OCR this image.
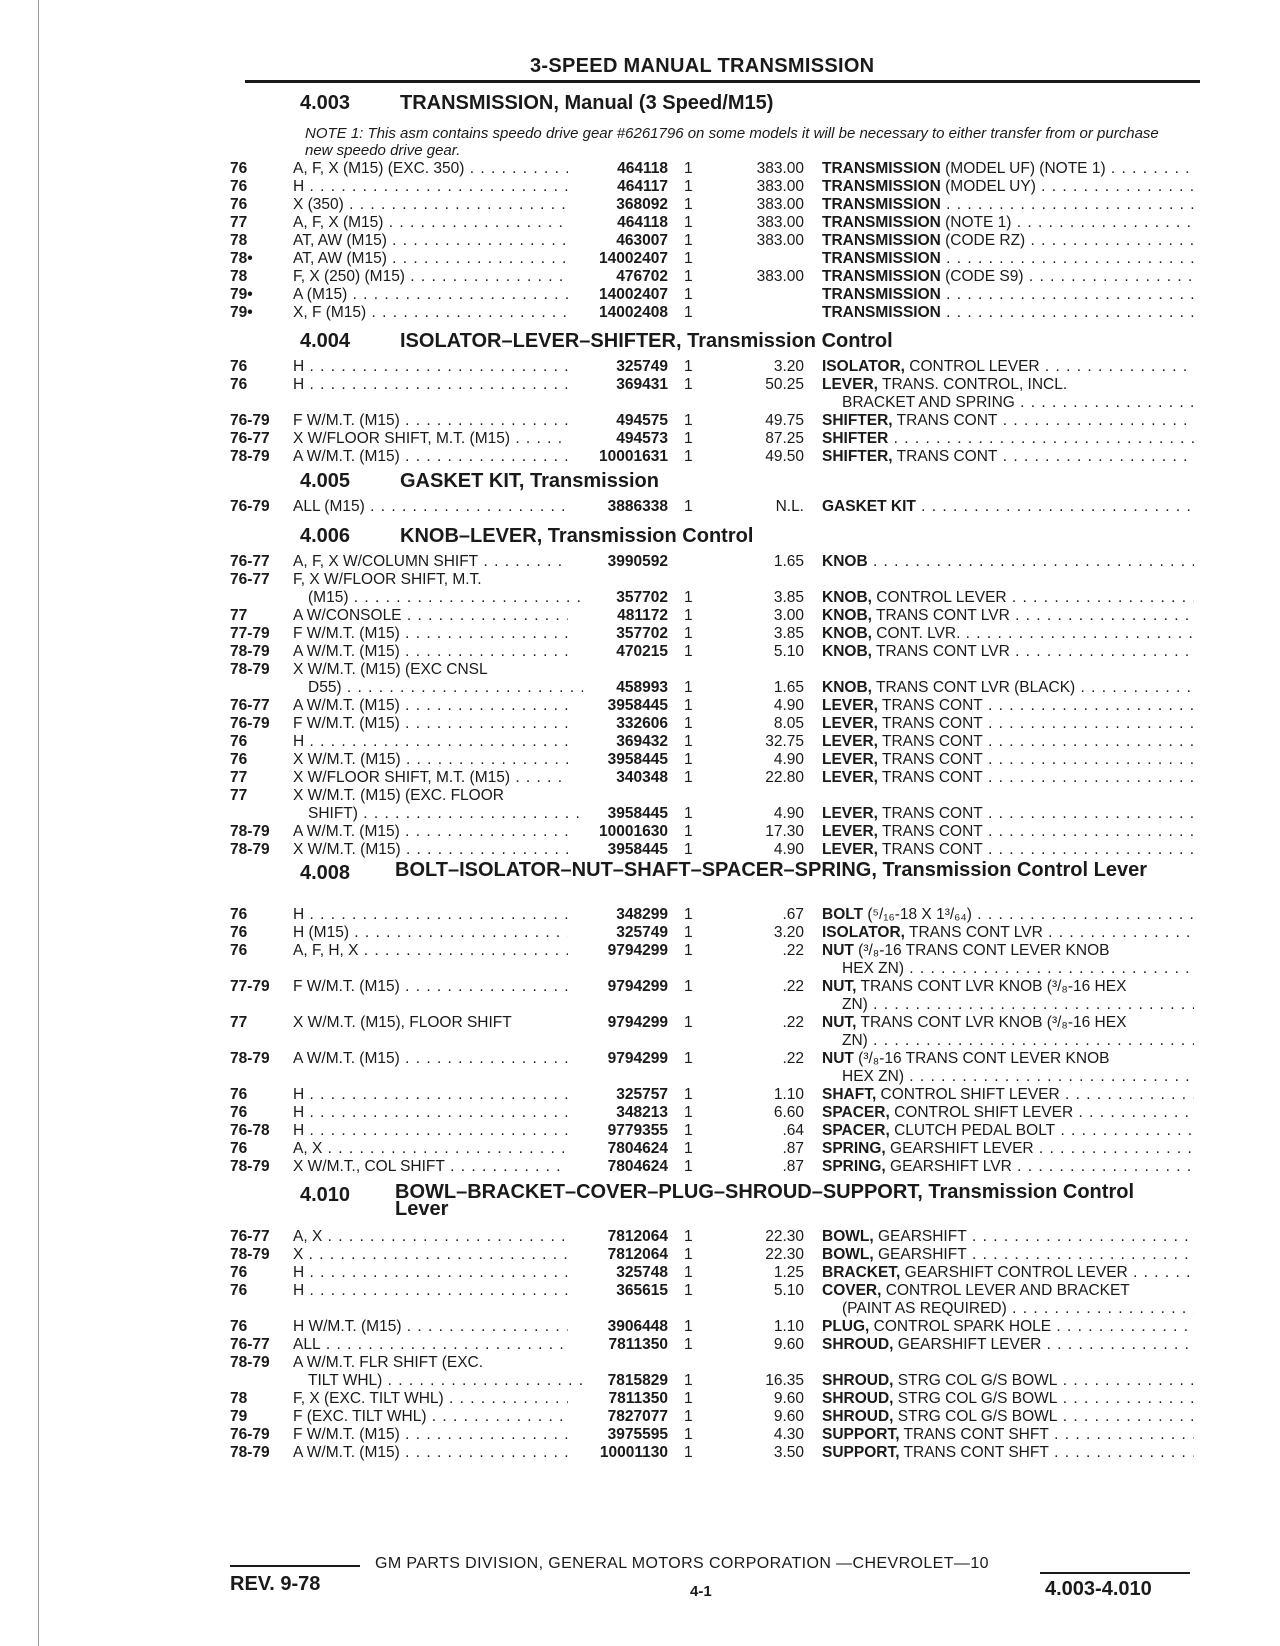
3-SPEED MANUAL TRANSMISSION
4.003 TRANSMISSION, Manual (3 Speed/M15)
NOTE 1: This asm contains speedo drive gear #6261796 on some models it will be necessary to either transfer from or purchase new speedo drive gear.
76	A, F, X (M15) (EXC. 350) . . .	464118 1	383.00 TRANSMISSION (MODEL UF) (NOTE 1) . . .
76	H . . .	464117 1	383.00 TRANSMISSION (MODEL UY) . . .
76	X (350) . . .	368092 1	383.00 TRANSMISSION . . .
77	A, F, X (M15) . . .	464118 1	383.00 TRANSMISSION (NOTE 1) . . .
78	AT, AW (M15) . . .	463007 1	383.00 TRANSMISSION (CODE RZ) . . .
78•	AT, AW (M15) . . .	14002407 1	TRANSMISSION . . .
78	F, X (250) (M15) . . .	476702 1	383.00 TRANSMISSION (CODE S9) . . .
79•	A (M15) . . .	14002407 1	TRANSMISSION . . .
79•	X, F (M15) . . .	14002408 1	TRANSMISSION . . .
4.004 ISOLATOR–LEVER–SHIFTER, Transmission Control
76	H . . .	325749 1	3.20 ISOLATOR, CONTROL LEVER . . .
76	H . . .	369431 1	50.25 LEVER, TRANS. CONTROL, INCL.
BRACKET AND SPRING . . .
76-79	F W/M.T. (M15) . . .	494575 1	49.75 SHIFTER, TRANS CONT . . .
76-77	X W/FLOOR SHIFT, M.T. (M15) . . .	494573 1	87.25 SHIFTER . . .
78-79	A W/M.T. (M15) . . .	10001631 1	49.50 SHIFTER, TRANS CONT . . .
4.005 GASKET KIT, Transmission
76-79	ALL (M15) . . .	3886338 1	N.L. GASKET KIT . . .
4.006 KNOB–LEVER, Transmission Control
76-77	A, F, X W/COLUMN SHIFT . . .	3990592	1.65 KNOB . . .
76-77	F, X W/FLOOR SHIFT, M.T.
(M15) . . .	357702 1	3.85 KNOB, CONTROL LEVER . . .
77	A W/CONSOLE . . .	481172 1	3.00 KNOB, TRANS CONT LVR . . .
77-79	F W/M.T. (M15) . . .	357702 1	3.85 KNOB, CONT. LVR. . . .
78-79	A W/M.T. (M15) . . .	470215 1	5.10 KNOB, TRANS CONT LVR . . .
78-79	X W/M.T. (M15) (EXC CNSL
D55) . . .	458993 1	1.65 KNOB, TRANS CONT LVR (BLACK) . . .
76-77	A W/M.T. (M15) . . .	3958445 1	4.90 LEVER, TRANS CONT . . .
76-79	F W/M.T. (M15) . . .	332606 1	8.05 LEVER, TRANS CONT . . .
76	H . . .	369432 1	32.75 LEVER, TRANS CONT . . .
76	X W/M.T. (M15) . . .	3958445 1	4.90 LEVER, TRANS CONT . . .
77	X W/FLOOR SHIFT, M.T. (M15) . . .	340348 1	22.80 LEVER, TRANS CONT . . .
77	X W/M.T. (M15) (EXC. FLOOR
SHIFT) . . .	3958445 1	4.90 LEVER, TRANS CONT . . .
78-79	A W/M.T. (M15) . . .	10001630 1	17.30 LEVER, TRANS CONT . . .
78-79	X W/M.T. (M15) . . .	3958445 1	4.90 LEVER, TRANS CONT . . .
4.008 BOLT–ISOLATOR–NUT–SHAFT–SPACER–SPRING, Transmission Control Lever
76	H . . .	348299 1	.67 BOLT (⁵/₁₆-18 X 1³/₆₄) . . .
76	H (M15) . . .	325749 1	3.20 ISOLATOR, TRANS CONT LVR . . .
76	A, F, H, X . . .	9794299 1	.22 NUT (³/₈-16 TRANS CONT LEVER KNOB
HEX ZN) . . .
77-79	F W/M.T. (M15) . . .	9794299 1	.22 NUT, TRANS CONT LVR KNOB (³/₈-16 HEX
ZN) . . .
77	X W/M.T. (M15), FLOOR SHIFT	9794299 1	.22 NUT, TRANS CONT LVR KNOB (³/₈-16 HEX
ZN) . . .
78-79	A W/M.T. (M15) . . .	9794299 1	.22 NUT (³/₈-16 TRANS CONT LEVER KNOB
HEX ZN) . . .
76	H . . .	325757 1	1.10 SHAFT, CONTROL SHIFT LEVER . . .
76	H . . .	348213 1	6.60 SPACER, CONTROL SHIFT LEVER . . .
76-78	H . . .	9779355 1	.64 SPACER, CLUTCH PEDAL BOLT . . .
76	A, X . . .	7804624 1	.87 SPRING, GEARSHIFT LEVER . . .
78-79	X W/M.T., COL SHIFT . . .	7804624 1	.87 SPRING, GEARSHIFT LVR . . .
4.010 BOWL–BRACKET–COVER–PLUG–SHROUD–SUPPORT, Transmission Control Lever
76-77	A, X . . .	7812064 1	22.30 BOWL, GEARSHIFT . . .
78-79	X . . .	7812064 1	22.30 BOWL, GEARSHIFT . . .
76	H . . .	325748 1	1.25 BRACKET, GEARSHIFT CONTROL LEVER . . .
76	H . . .	365615 1	5.10 COVER, CONTROL LEVER AND BRACKET
(PAINT AS REQUIRED) . . .
76	H W/M.T. (M15) . . .	3906448 1	1.10 PLUG, CONTROL SPARK HOLE . . .
76-77	ALL . . .	7811350 1	9.60 SHROUD, GEARSHIFT LEVER . . .
78-79	A W/M.T. FLR SHIFT (EXC.
TILT WHL) . . .	7815829 1	16.35 SHROUD, STRG COL G/S BOWL . . .
78	F, X (EXC. TILT WHL) . . .	7811350 1	9.60 SHROUD, STRG COL G/S BOWL . . .
79	F (EXC. TILT WHL) . . .	7827077 1	9.60 SHROUD, STRG COL G/S BOWL . . .
76-79	F W/M.T. (M15) . . .	3975595 1	4.30 SUPPORT, TRANS CONT SHFT . . .
78-79	A W/M.T. (M15) . . .	10001130 1	3.50 SUPPORT, TRANS CONT SHFT . . .
GM PARTS DIVISION, GENERAL MOTORS CORPORATION —CHEVROLET—10
REV. 9-78	4-1	4.003-4.010
